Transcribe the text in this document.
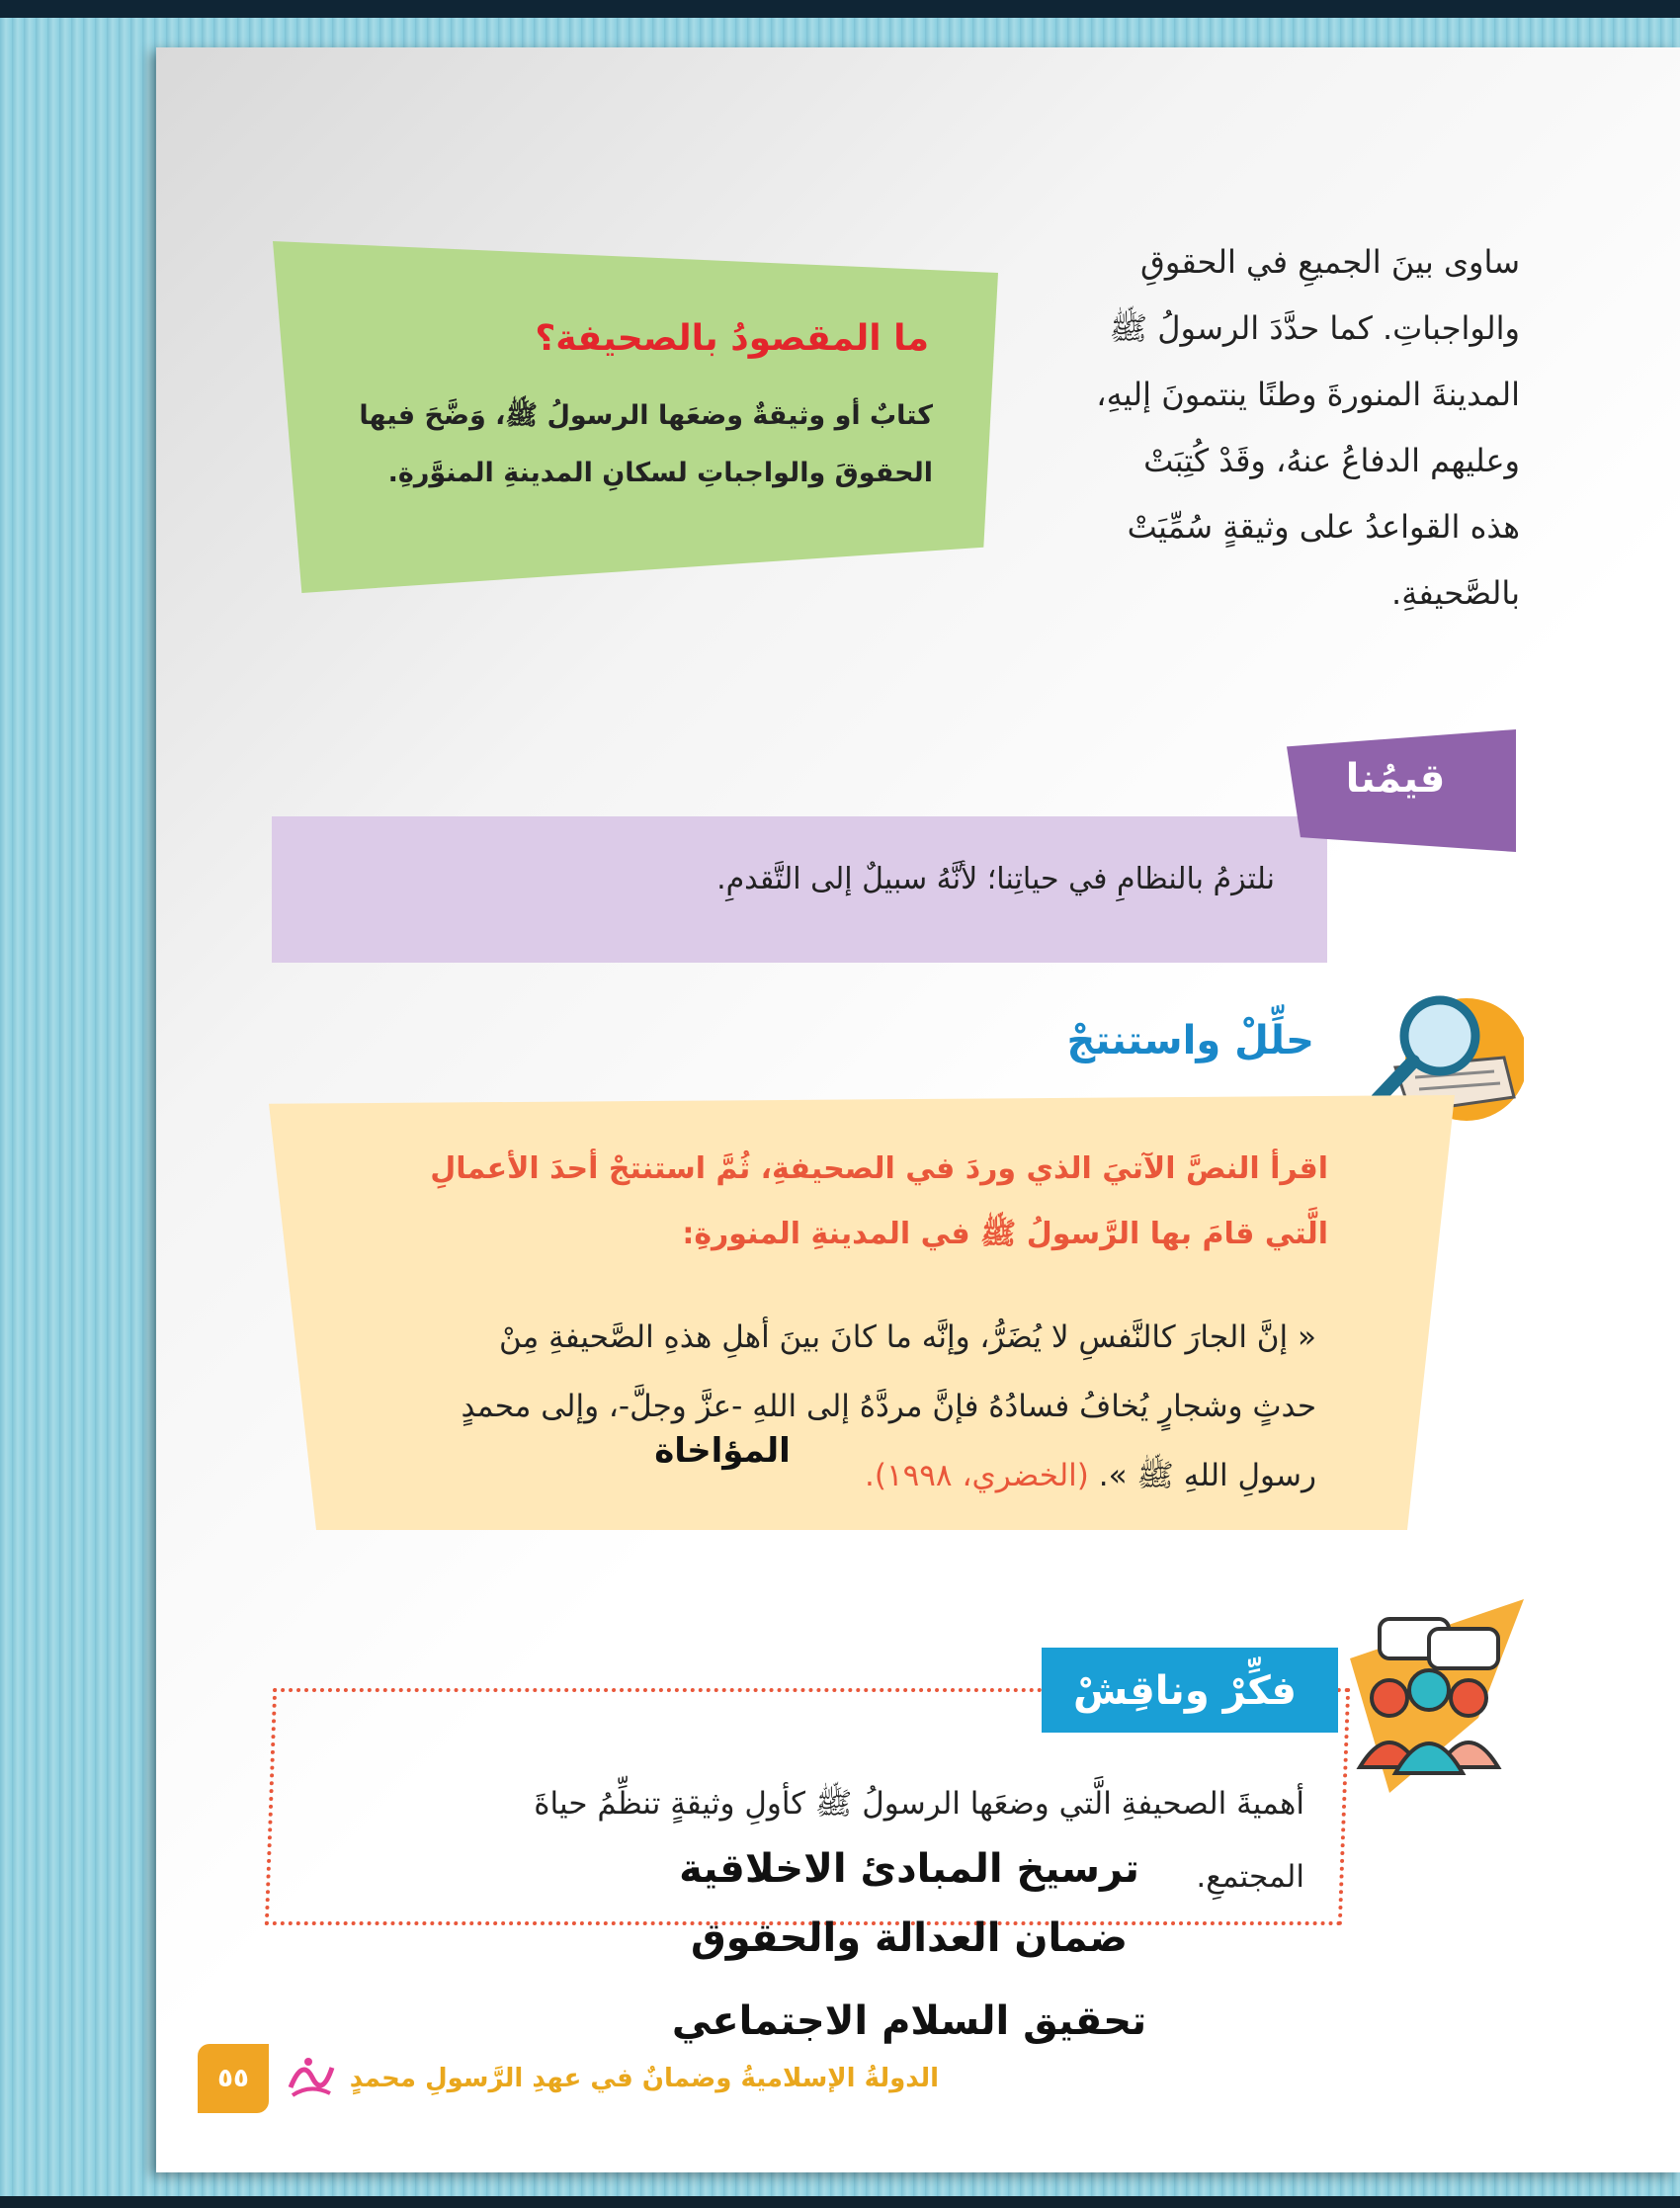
ساوى بينَ الجميعِ في الحقوقِ

والواجباتِ. كما حدَّدَ الرسولُ ﷺ

المدينةَ المنورةَ وطنًا ينتمونَ إليهِ،

وعليهم الدفاعُ عنهُ، وقَدْ كُتِبَتْ

هذه القواعدُ على وثيقةٍ سُمِّيَتْ

بالصَّحيفةِ.

ما المقصودُ بالصحيفة؟

كتابٌ أو وثيقةٌ وضعَها الرسولُ ﷺ، وَضَّحَ فيها

الحقوقَ والواجباتِ لسكانِ المدينةِ المنوَّرةِ.

قيمُنا
نلتزمُ بالنظامِ في حياتِنا؛ لأنَّهُ سبيلٌ إلى التَّقدمِ.
حلِّلْ واستنتجْ

اقرأ النصَّ الآتيَ الذي وردَ في الصحيفةِ، ثُمَّ استنتجْ أحدَ الأعمالِ

الَّتي قامَ بها الرَّسولُ ﷺ في المدينةِ المنورةِ:

« إنَّ الجارَ كالنَّفسِ لا يُضَرُّ، وإنَّه ما كانَ بينَ أهلِ هذهِ الصَّحيفةِ مِنْ

حدثٍ وشجارٍ يُخافُ فسادُهُ فإنَّ مردَّهُ إلى اللهِ -عزَّ وجلَّ-، وإلى محمدٍ

رسولِ اللهِ ﷺ ». (الخضري، ١٩٩٨).

المؤاخاة
فكِّرْ وناقِشْ

أهميةَ الصحيفةِ الَّتي وضعَها الرسولُ ﷺ كأولِ وثيقةٍ تنظِّمُ حياةَ

المجتمعِ.

ترسيخ المبادئ الاخلاقية
ضمان العدالة والحقوق
تحقيق السلام الاجتماعي
الدولةُ الإسلاميةُ وضمانٌ في عهدِ الرَّسولِ محمدٍ
٥٥
